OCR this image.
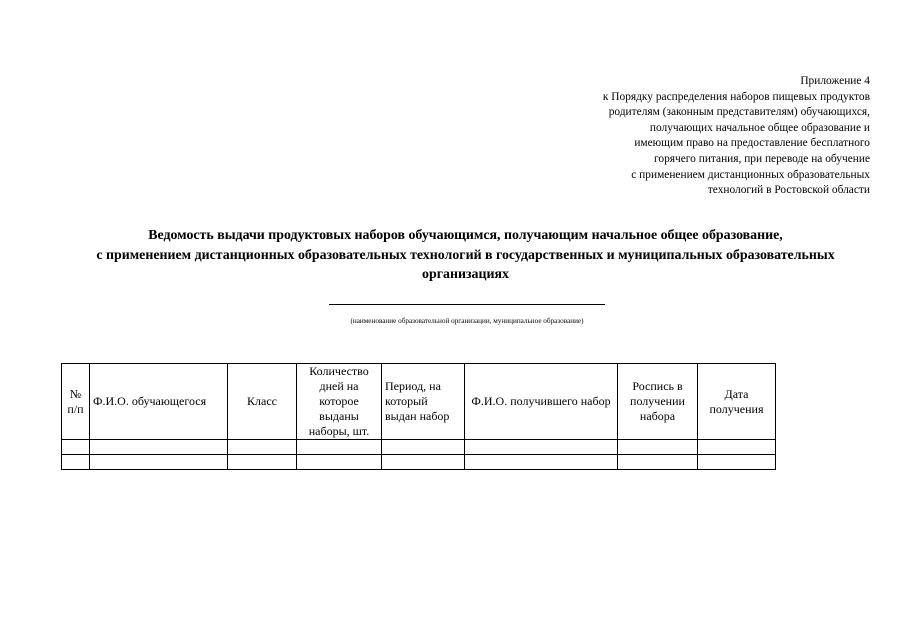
Приложение 4
к Порядку распределения наборов пищевых продуктов
родителям (законным представителям) обучающихся,
получающих начальное общее образование и
имеющим право на предоставление бесплатного
горячего питания, при переводе на обучение
с применением дистанционных образовательных
технологий в Ростовской области
Ведомость выдачи продуктовых наборов обучающимся, получающим начальное общее образование,
с применением дистанционных образовательных технологий в государственных и муниципальных образовательных
организациях
(наименование образовательной организации, муниципальное образование)
№ п/п	Ф.И.О. обучающегося	Класс	Количество дней на которое выданы наборы, шт.	Период, на который выдан набор	Ф.И.О. получившего набор	Роспись в получении набора	Дата получения
